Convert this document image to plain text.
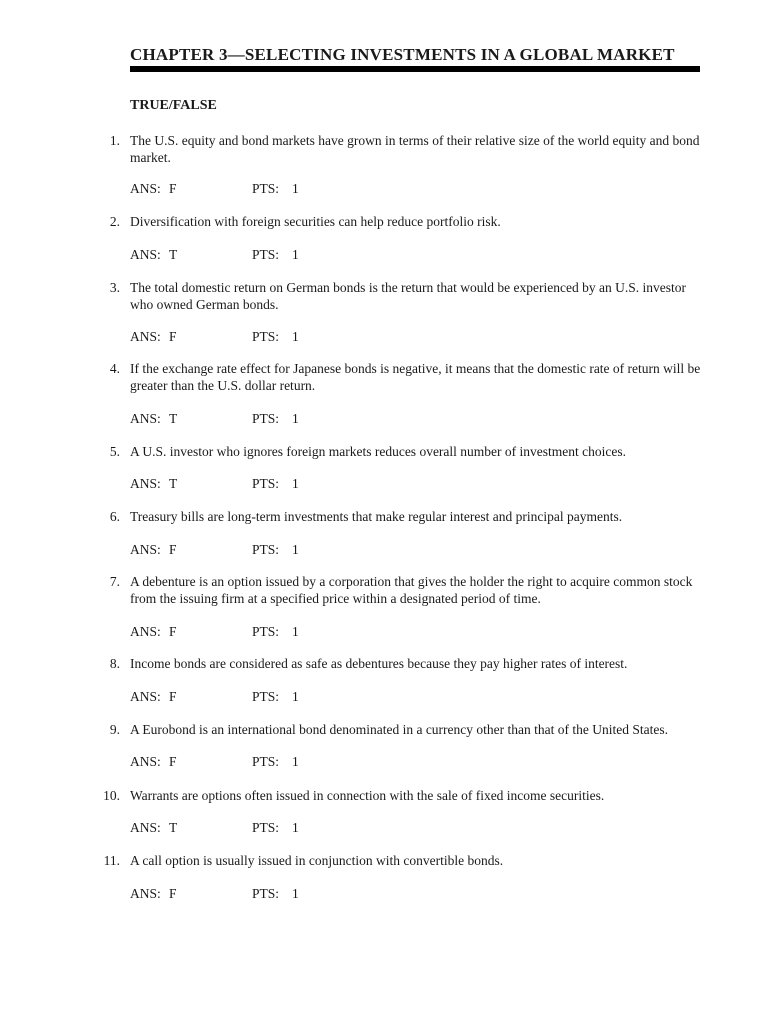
CHAPTER 3—SELECTING INVESTMENTS IN A GLOBAL MARKET
TRUE/FALSE
1. The U.S. equity and bond markets have grown in terms of their relative size of the world equity and bond market.
ANS: F	PTS: 1
2. Diversification with foreign securities can help reduce portfolio risk.
ANS: T	PTS: 1
3. The total domestic return on German bonds is the return that would be experienced by an U.S. investor who owned German bonds.
ANS: F	PTS: 1
4. If the exchange rate effect for Japanese bonds is negative, it means that the domestic rate of return will be greater than the U.S. dollar return.
ANS: T	PTS: 1
5. A U.S. investor who ignores foreign markets reduces overall number of investment choices.
ANS: T	PTS: 1
6. Treasury bills are long-term investments that make regular interest and principal payments.
ANS: F	PTS: 1
7. A debenture is an option issued by a corporation that gives the holder the right to acquire common stock from the issuing firm at a specified price within a designated period of time.
ANS: F	PTS: 1
8. Income bonds are considered as safe as debentures because they pay higher rates of interest.
ANS: F	PTS: 1
9. A Eurobond is an international bond denominated in a currency other than that of the United States.
ANS: F	PTS: 1
10. Warrants are options often issued in connection with the sale of fixed income securities.
ANS: T	PTS: 1
11. A call option is usually issued in conjunction with convertible bonds.
ANS: F	PTS: 1
